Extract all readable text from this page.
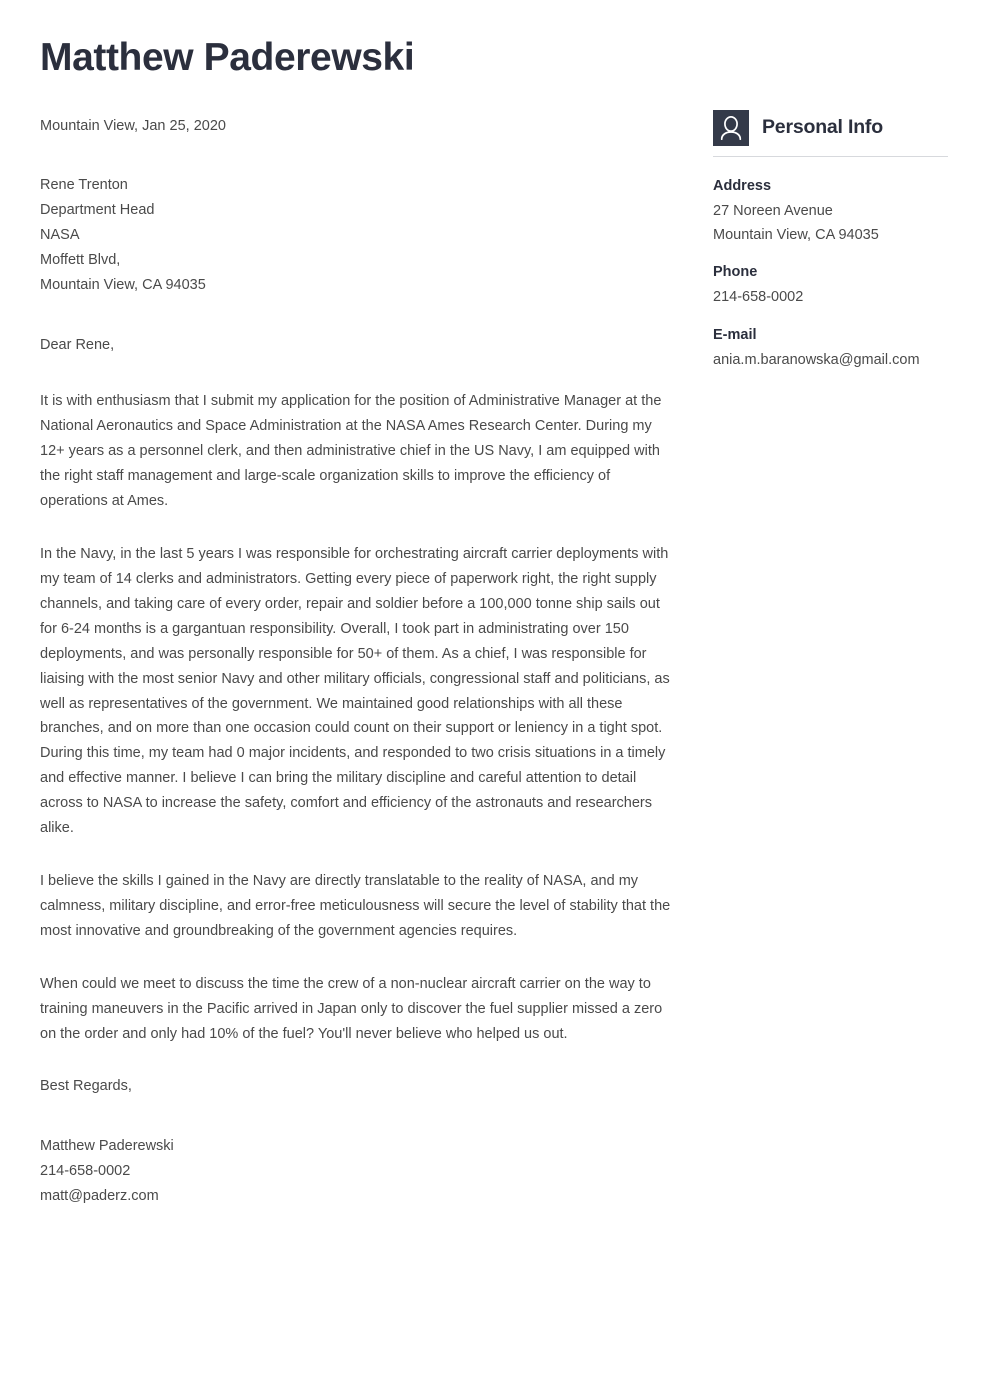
Matthew Paderewski
Mountain View, Jan 25, 2020
Rene Trenton
Department Head
NASA
Moffett Blvd,
Mountain View, CA 94035
Dear Rene,

It is with enthusiasm that I submit my application for the position of Administrative Manager at the National Aeronautics and Space Administration at the NASA Ames Research Center. During my 12+ years as a personnel clerk, and then administrative chief in the US Navy, I am equipped with the right staff management and large-scale organization skills to improve the efficiency of operations at Ames.

In the Navy, in the last 5 years I was responsible for orchestrating aircraft carrier deployments with my team of 14 clerks and administrators. Getting every piece of paperwork right, the right supply channels, and taking care of every order, repair and soldier before a 100,000 tonne ship sails out for 6-24 months is a gargantuan responsibility. Overall, I took part in administrating over 150 deployments, and was personally responsible for 50+ of them. As a chief, I was responsible for liaising with the most senior Navy and other military officials, congressional staff and politicians, as well as representatives of the government. We maintained good relationships with all these branches, and on more than one occasion could count on their support or leniency in a tight spot. During this time, my team had 0 major incidents, and responded to two crisis situations in a timely and effective manner. I believe I can bring the military discipline and careful attention to detail across to NASA to increase the safety, comfort and efficiency of the astronauts and researchers alike.

I believe the skills I gained in the Navy are directly translatable to the reality of NASA, and my calmness, military discipline, and error-free meticulousness will secure the level of stability that the most innovative and groundbreaking of the government agencies requires.

When could we meet to discuss the time the crew of a non-nuclear aircraft carrier on the way to training maneuvers in the Pacific arrived in Japan only to discover the fuel supplier missed a zero on the order and only had 10% of the fuel? You'll never believe who helped us out.

Best Regards,
Matthew Paderewski
214-658-0002
matt@paderz.com
Personal Info
Address
27 Noreen Avenue
Mountain View, CA 94035
Phone
214-658-0002
E-mail
ania.m.baranowska@gmail.com
